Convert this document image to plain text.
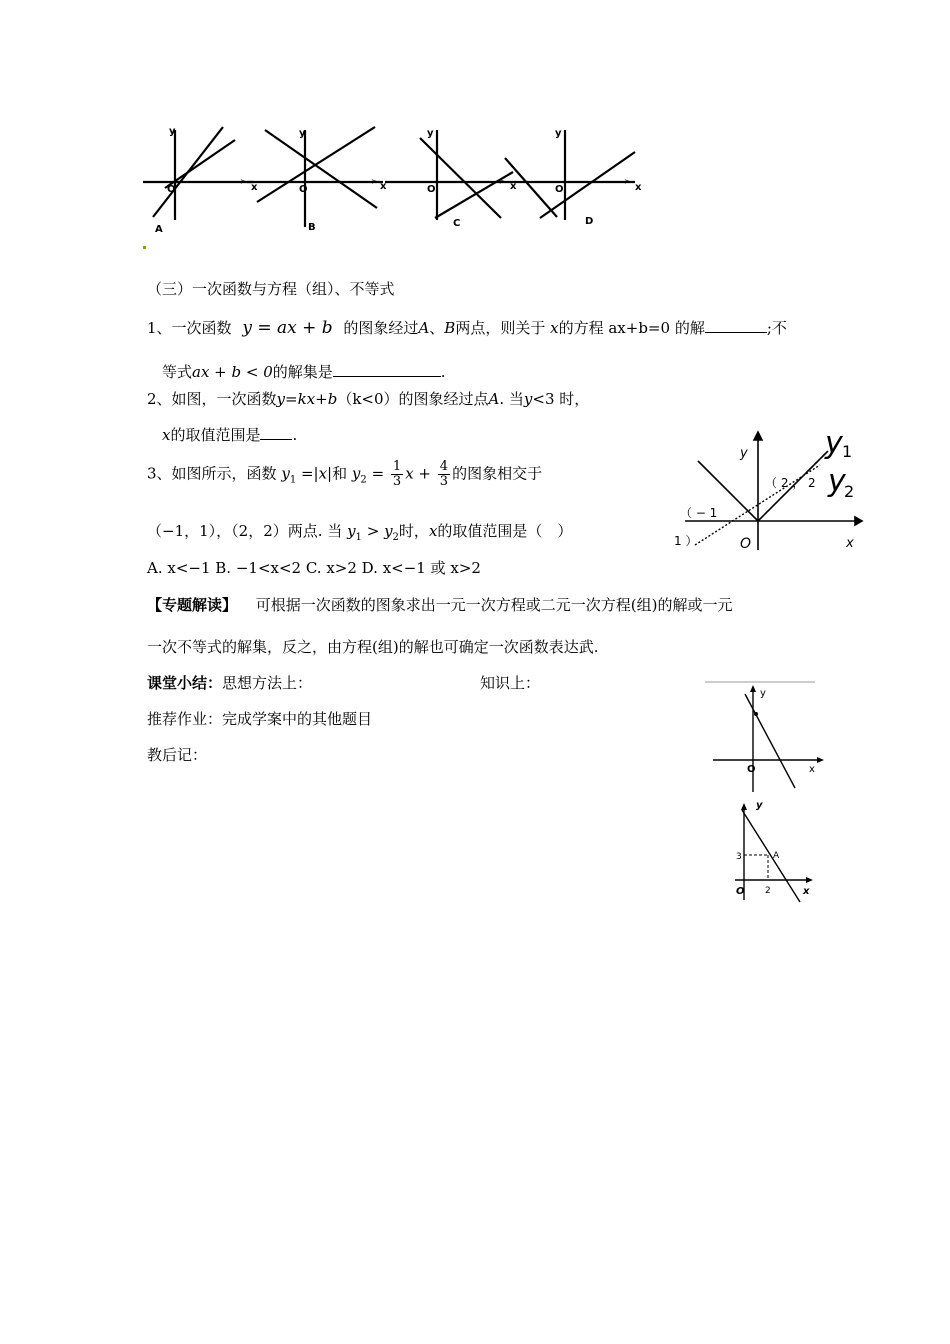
y
O
A
x
y
O
B
x
y
O
C
x
y
O
D
x
>
>
>
>
（三）一次函数与方程（组）、不等式
1、一次函数 y = ax + b 的图象经过A、B两点，则关于 x的方程 ax+b=0 的解	;不
等式ax + b < 0的解集是	.
2、如图，一次函数y=kx+b（k<0）的图象经过点A. 当y<3 时，
x的取值范围是 .
3、如图所示，函数 $y_1 =|x|$和 $y_2 = \frac{1}{3}$ $x + \frac{4}{3}$ 的图象相交于
（−1，1），（2，2）两点. 当 $y_1 > y_2$时，x的取值范围是（　）
A. x<−1 B. −1<x<2 C. x>2 D. x<−1 或 x>2
y 1
y
2
y
x
O
（ 2 ， 2
（ − 1
1 ）
【专题解读】 可根据一次函数的图象求出一元一次方程或二元一次方程(组)的解或一元
一次不等式的解集，反之，由方程(组)的解也可确定一次函数表达武.
课堂小结：思想方法上：	知识上：
推荐作业：完成学案中的其他题目
教后记：
y
x
O
y
x
O
3
2
A
